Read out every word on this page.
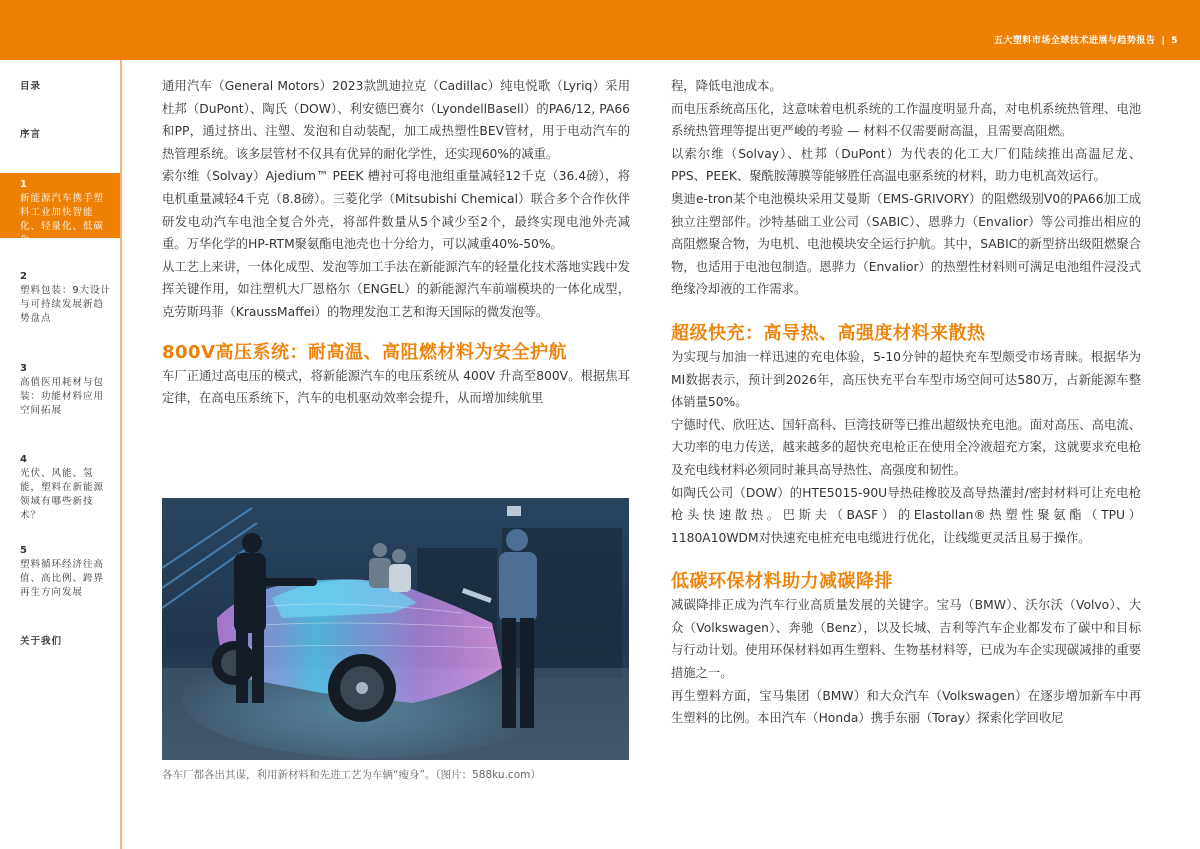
五大塑料市场全球技术进展与趋势报告 | 5
目录
序言
1
新能源汽车携手塑料工业加快智能化、轻量化、低碳化
2
塑料包装：9大设计与可持续发展新趋势盘点
3
高值医用耗材与包装：功能材料应用空间拓展
4
光伏、风能、氢能，塑料在新能源领域有哪些新技术？
5
塑料循环经济往高值、高比例、跨界再生方向发展
关于我们

通用汽车（General Motors）2023款凯迪拉克（Cadillac）纯电悦歌（Lyriq）采用杜邦（DuPont）、陶氏（DOW）、利安德巴赛尔（LyondellBasell）的PA6/12, PA66和PP，通过挤出、注塑、发泡和自动装配，加工成热塑性BEV管材，用于电动汽车的热管理系统。该多层管材不仅具有优异的耐化学性，还实现60%的减重。

索尔维（Solvay）Ajedium™ PEEK 槽衬可将电池组重量减轻12千克（36.4磅），将电机重量减轻4千克（8.8磅）。三菱化学（Mitsubishi Chemical）联合多个合作伙伴研发电动汽车电池全复合外壳，将部件数量从5个减少至2个，最终实现电池外壳减重。万华化学的HP-RTM聚氨酯电池壳也十分给力，可以减重40%-50%。

从工艺上来讲，一体化成型、发泡等加工手法在新能源汽车的轻量化技术落地实践中发挥关键作用，如注塑机大厂恩格尔（ENGEL）的新能源汽车前端模块的一体化成型，克劳斯玛菲（KraussMaffei）的物理发泡工艺和海天国际的微发泡等。

800V高压系统：耐高温、高阻燃材料为安全护航

车厂正通过高电压的模式，将新能源汽车的电压系统从 400V 升高至800V。根据焦耳定律，在高电压系统下，汽车的电机驱动效率会提升，从而增加续航里

各车厂都各出其谋，利用新材料和先进工艺为车辆“瘦身”。（图片：588ku.com）

程，降低电池成本。

而电压系统高压化，这意味着电机系统的工作温度明显升高，对电机系统热管理、电池系统热管理等提出更严峻的考验 — 材料不仅需要耐高温，且需要高阻燃。

以索尔维（Solvay）、杜邦（DuPont）为代表的化工大厂们陆续推出高温尼龙、PPS、PEEK、聚酰胺薄膜等能够胜任高温电驱系统的材料，助力电机高效运行。

奥迪e-tron某个电池模块采用艾曼斯（EMS-GRIVORY）的阻燃级别V0的PA66加工成独立注塑部件。沙特基础工业公司（SABIC）、恩骅力（Envalior）等公司推出相应的高阻燃聚合物，为电机、电池模块安全运行护航。其中，SABIC的新型挤出级阻燃聚合物，也适用于电池包制造。恩骅力（Envalior）的热塑性材料则可满足电池组件浸没式绝缘冷却液的工作需求。

超级快充：高导热、高强度材料来散热

为实现与加油一样迅速的充电体验，5-10分钟的超快充车型颇受市场青睐。根据华为MI数据表示，预计到2026年，高压快充平台车型市场空间可达580万，占新能源车整体销量50%。

宁德时代、欣旺达、国轩高科、巨湾技研等已推出超级快充电池。面对高压、高电流、大功率的电力传送，越来越多的超快充电枪正在使用全冷液超充方案，这就要求充电枪及充电线材料必须同时兼具高导热性、高强度和韧性。

如陶氏公司（DOW）的HTE5015-90U导热硅橡胶及高导热灌封/密封材料可让充电枪枪头快速散热。巴斯夫（BASF）的Elastollan®热塑性聚氨酯（TPU）1180A10WDM对快速充电桩充电电缆进行优化，让线缆更灵活且易于操作。

低碳环保材料助力减碳降排

减碳降排正成为汽车行业高质量发展的关键字。宝马（BMW）、沃尔沃（Volvo）、大众（Volkswagen）、奔驰（Benz），以及长城、吉利等汽车企业都发布了碳中和目标与行动计划。使用环保材料如再生塑料、生物基材料等，已成为车企实现碳减排的重要措施之一。

再生塑料方面，宝马集团（BMW）和大众汽车（Volkswagen）在逐步增加新车中再生塑料的比例。本田汽车（Honda）携手东丽（Toray）探索化学回收尼
